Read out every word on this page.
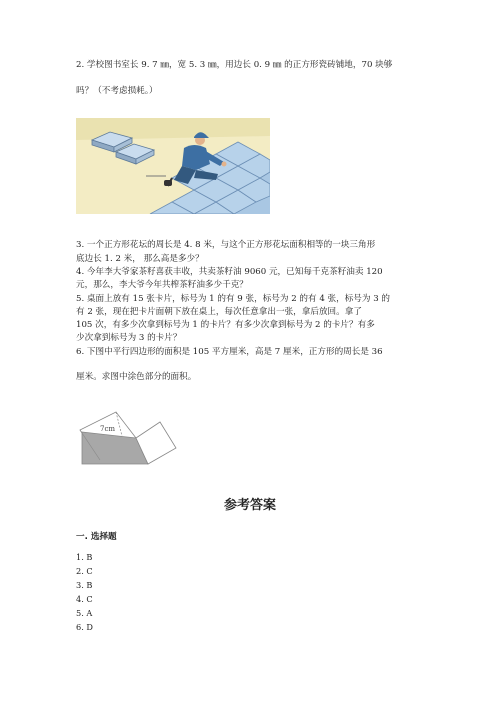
2. 学校图书室长 9. 7 ㎜，宽 5. 3 ㎜，用边长 0. 9 ㎜ 的正方形瓷砖铺地，70 块够
吗？（不考虑损耗。）
3. 一个正方形花坛的周长是 4. 8 米，与这个正方形花坛面积相等的一块三角形
底边长 1. 2 米， 那么高是多少？
4. 今年李大爷家茶籽喜获丰收，共卖茶籽油 9060 元，已知每千克茶籽油卖 120
元，那么，李大爷今年共榨茶籽油多少千克？
5. 桌面上放有 15 张卡片，标号为 1 的有 9 张，标号为 2 的有 4 张，标号为 3 的
有 2 张，现在把卡片面朝下放在桌上，每次任意拿出一张，拿后放回。拿了
105 次，有多少次拿到标号为 1 的卡片？有多少次拿到标号为 2 的卡片？有多
少次拿到标号为 3 的卡片？
6. 下图中平行四边形的面积是 105 平方厘米，高是 7 厘米，正方形的周长是 36
厘米。求图中涂色部分的面积。
7cm
参考答案
一. 选择题
1. B
2. C
3. B
4. C
5. A
6. D
